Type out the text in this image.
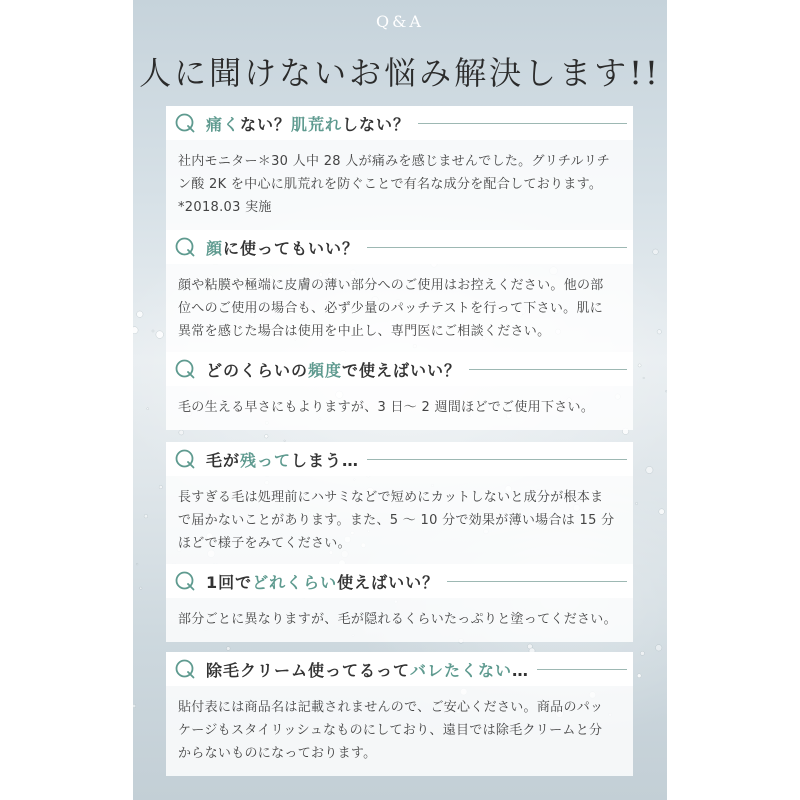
Q&A
人に聞けないお悩み解決します!!
痛くない？肌荒れしない？
社内モニター＊30 人中 28 人が痛みを感じませんでした。グリチルリチ
ン酸 2K を中心に肌荒れを防ぐことで有名な成分を配合しております。
*2018.03 実施
顔に使ってもいい？
顔や粘膜や極端に皮膚の薄い部分へのご使用はお控えください。他の部
位へのご使用の場合も、必ず少量のパッチテストを行って下さい。肌に
異常を感じた場合は使用を中止し、専門医にご相談ください。
どのくらいの頻度で使えばいい？
毛の生える早さにもよりますが、3 日〜 2 週間ほどでご使用下さい。
毛が残ってしまう…
長すぎる毛は処理前にハサミなどで短めにカットしないと成分が根本ま
で届かないことがあります。また、5 〜 10 分で効果が薄い場合は 15 分
ほどで様子をみてください。
1回でどれくらい使えばいい？
部分ごとに異なりますが、毛が隠れるくらいたっぷりと塗ってください。
除毛クリーム使ってるってバレたくない…
貼付表には商品名は記載されませんので、ご安心ください。商品のパッ
ケージもスタイリッシュなものにしており、遠目では除毛クリームと分
からないものになっております。
